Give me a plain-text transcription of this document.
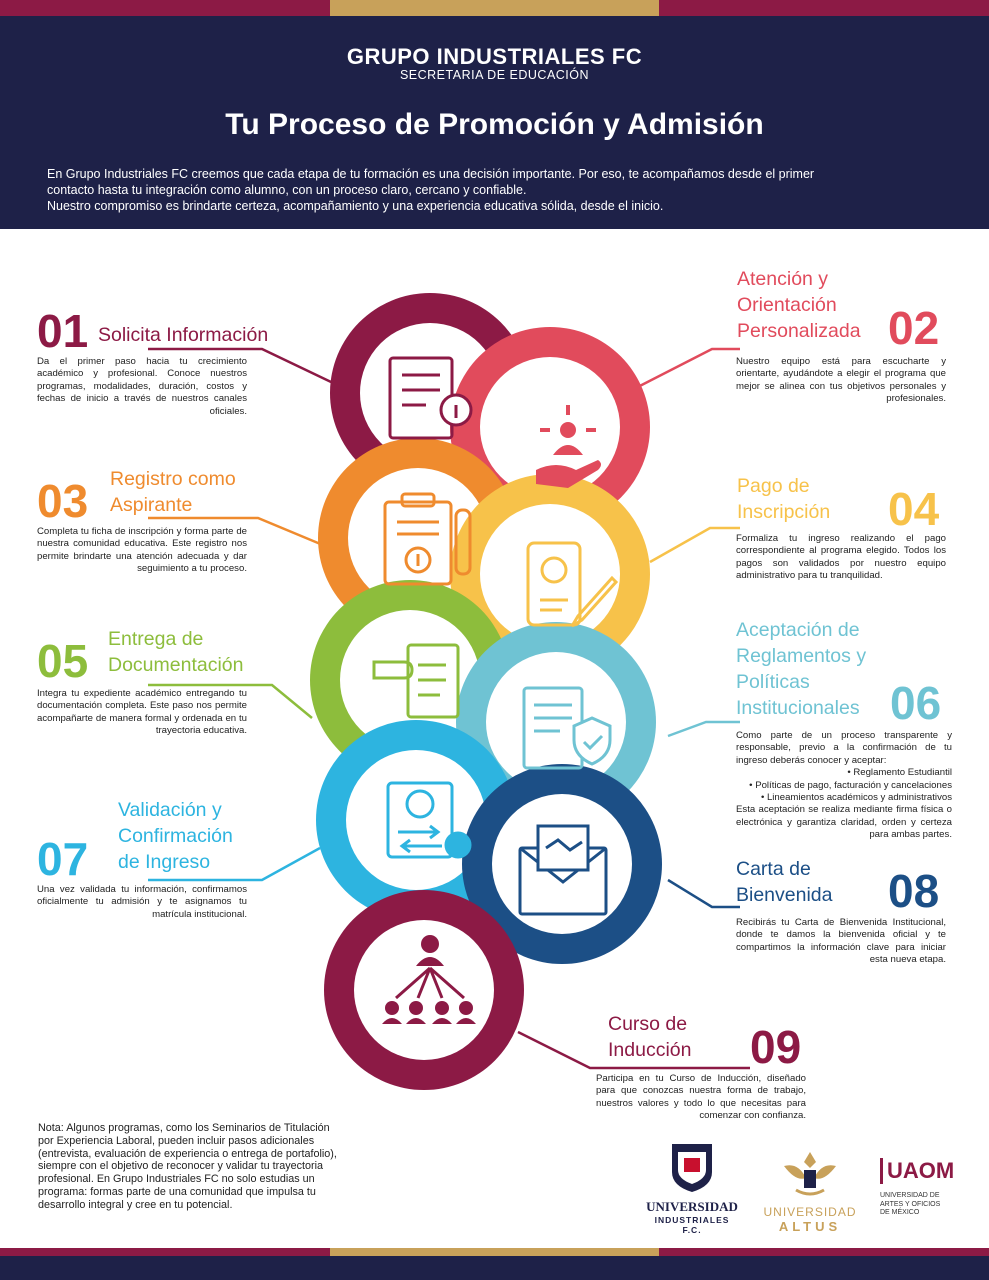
GRUPO INDUSTRIALES FC
SECRETARIA DE EDUCACIÓN
Tu Proceso de Promoción y Admisión
En Grupo Industriales FC creemos que cada etapa de tu formación es una decisión importante. Por eso, te acompañamos desde el primer
contacto hasta tu integración como alumno, con un proceso claro, cercano y confiable.
Nuestro compromiso es brindarte certeza, acompañamiento y una experiencia educativa sólida, desde el inicio.
01 Solicita Información
Da el primer paso hacia tu crecimiento académico y profesional. Conoce nuestros programas, modalidades, duración, costos y fechas de inicio a través de nuestros canales oficiales.
Atención y
Orientación
Personalizada 02
Nuestro equipo está para escucharte y orientarte, ayudándote a elegir el programa que mejor se alinea con tus objetivos personales y profesionales.
Registro como
Aspirante
03
Completa tu ficha de inscripción y forma parte de nuestra comunidad educativa. Este registro nos permite brindarte una atención adecuada y dar seguimiento a tu proceso.
Pago de
Inscripción 04
Formaliza tu ingreso realizando el pago correspondiente al programa elegido. Todos los pagos son validados por nuestro equipo administrativo para tu tranquilidad.
Entrega de
Documentación
05
Integra tu expediente académico entregando tu documentación completa. Este paso nos permite acompañarte de manera formal y ordenada en tu trayectoria educativa.
Aceptación de
Reglamentos y
Políticas
Institucionales 06
Como parte de un proceso transparente y responsable, previo a la confirmación de tu ingreso deberás conocer y aceptar:
• Reglamento Estudiantil
• Políticas de pago, facturación y cancelaciones
• Lineamientos académicos y administrativos
Esta aceptación se realiza mediante firma física o electrónica y garantiza claridad, orden y certeza para ambas partes.
Validación y
Confirmación
de Ingreso
07
Una vez validada tu información, confirmamos oficialmente tu admisión y te asignamos tu matrícula institucional.
Carta de
Bienvenida 08
Recibirás tu Carta de Bienvenida Institucional, donde te damos la bienvenida oficial y te compartimos la información clave para iniciar esta nueva etapa.
Curso de
Inducción 09
Participa en tu Curso de Inducción, diseñado para que conozcas nuestra forma de trabajo, nuestros valores y todo lo que necesitas para comenzar con confianza.
Nota: Algunos programas, como los Seminarios de Titulación por Experiencia Laboral, pueden incluir pasos adicionales (entrevista, evaluación de experiencia o entrega de portafolio), siempre con el objetivo de reconocer y validar tu trayectoria profesional. En Grupo Industriales FC no solo estudias un programa: formas parte de una comunidad que impulsa tu desarrollo integral y cree en tu potencial.	UNIVERSIDAD
INDUSTRIALES F.C.
UNIVERSIDAD
ALTUS
UAOM
UNIVERSIDAD DE ARTES Y OFICIOS DE MÉXICO
